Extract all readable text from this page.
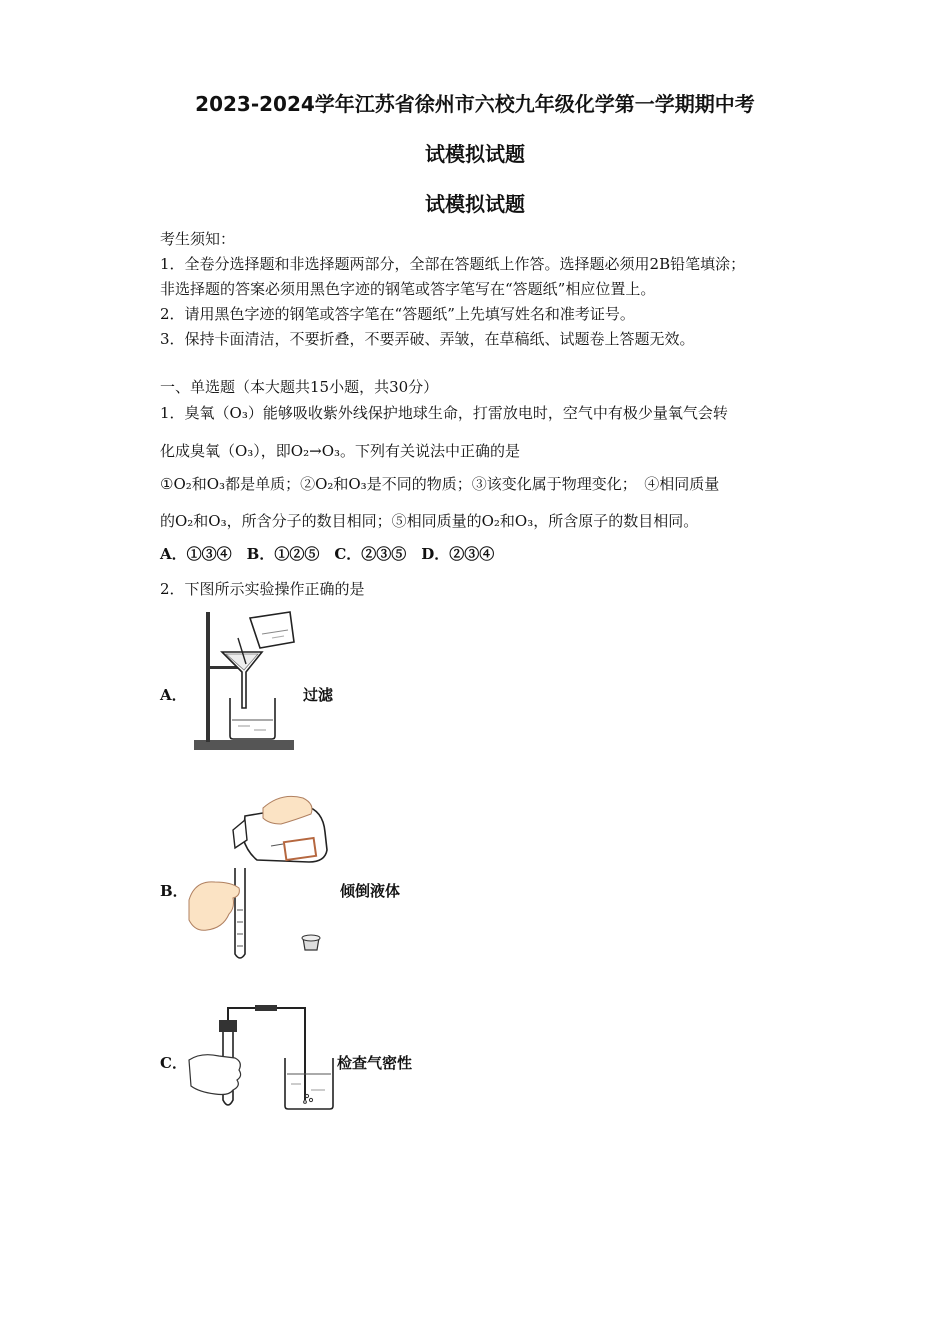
2023-2024学年江苏省徐州市六校九年级化学第一学期期中考
试模拟试题
试模拟试题
考生须知：
1．全卷分选择题和非选择题两部分，全部在答题纸上作答。选择题必须用2B铅笔填涂；
非选择题的答案必须用黑色字迹的钢笔或答字笔写在“答题纸”相应位置上。
2．请用黑色字迹的钢笔或答字笔在“答题纸”上先填写姓名和准考证号。
3．保持卡面清洁，不要折叠，不要弄破、弄皱，在草稿纸、试题卷上答题无效。
一、单选题（本大题共15小题，共30分）
1．臭氧（O₃）能够吸收紫外线保护地球生命，打雷放电时，空气中有极少量氧气会转
化成臭氧（O₃），即O₂→O₃。下列有关说法中正确的是
①O₂和O₃都是单质；②O₂和O₃是不同的物质；③该变化属于物理变化；　④相同质量
的O₂和O₃，所含分子的数目相同；⑤相同质量的O₂和O₃，所含原子的数目相同。
A．①③④　B．①②⑤　C．②③⑤　D．②③④
2．下图所示实验操作正确的是
A．	过滤
B．	倾倒液体
C．	检查气密性
